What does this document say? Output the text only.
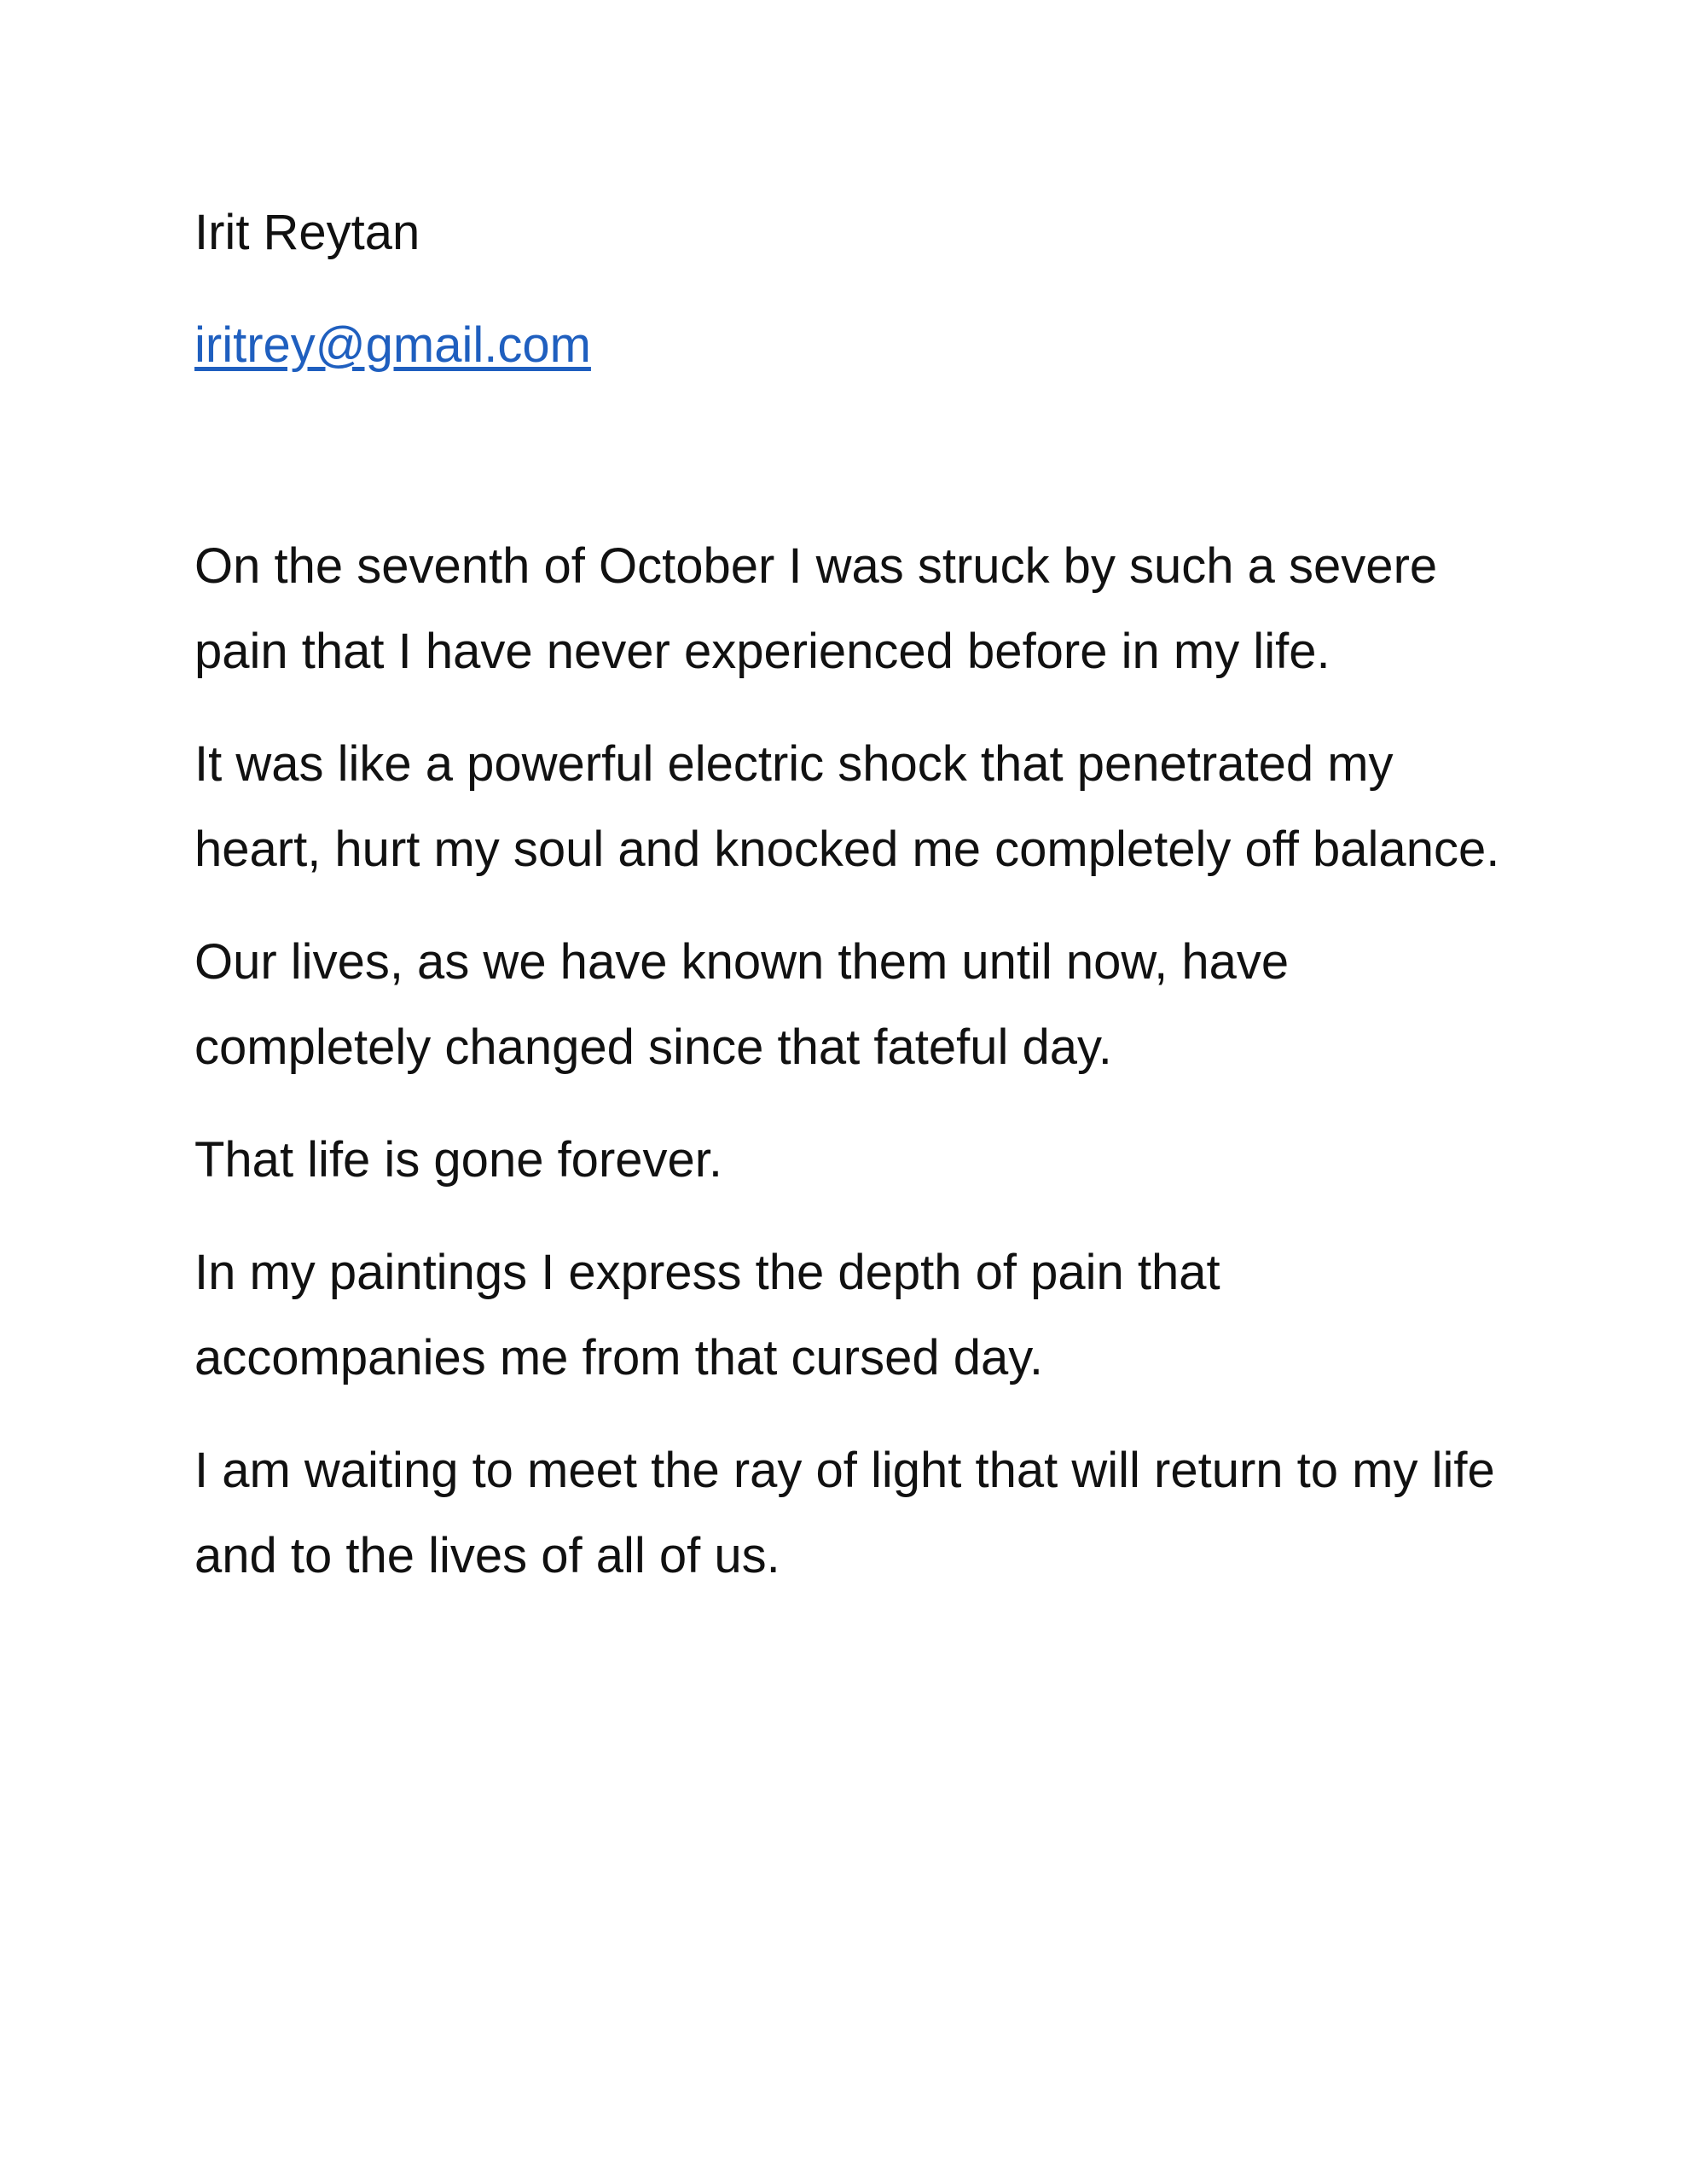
Irit Reytan
iritrey@gmail.com

On the seventh of October I was struck by such a severe pain that I have never experienced before in my life.

It was like a powerful electric shock that penetrated my heart, hurt my soul and knocked me completely off balance.

Our lives, as we have known them until now, have completely changed since that fateful day.

That life is gone forever.

In my paintings I express the depth of pain that accompanies me from that cursed day.

I am waiting to meet the ray of light that will return to my life and to the lives of all of us.
